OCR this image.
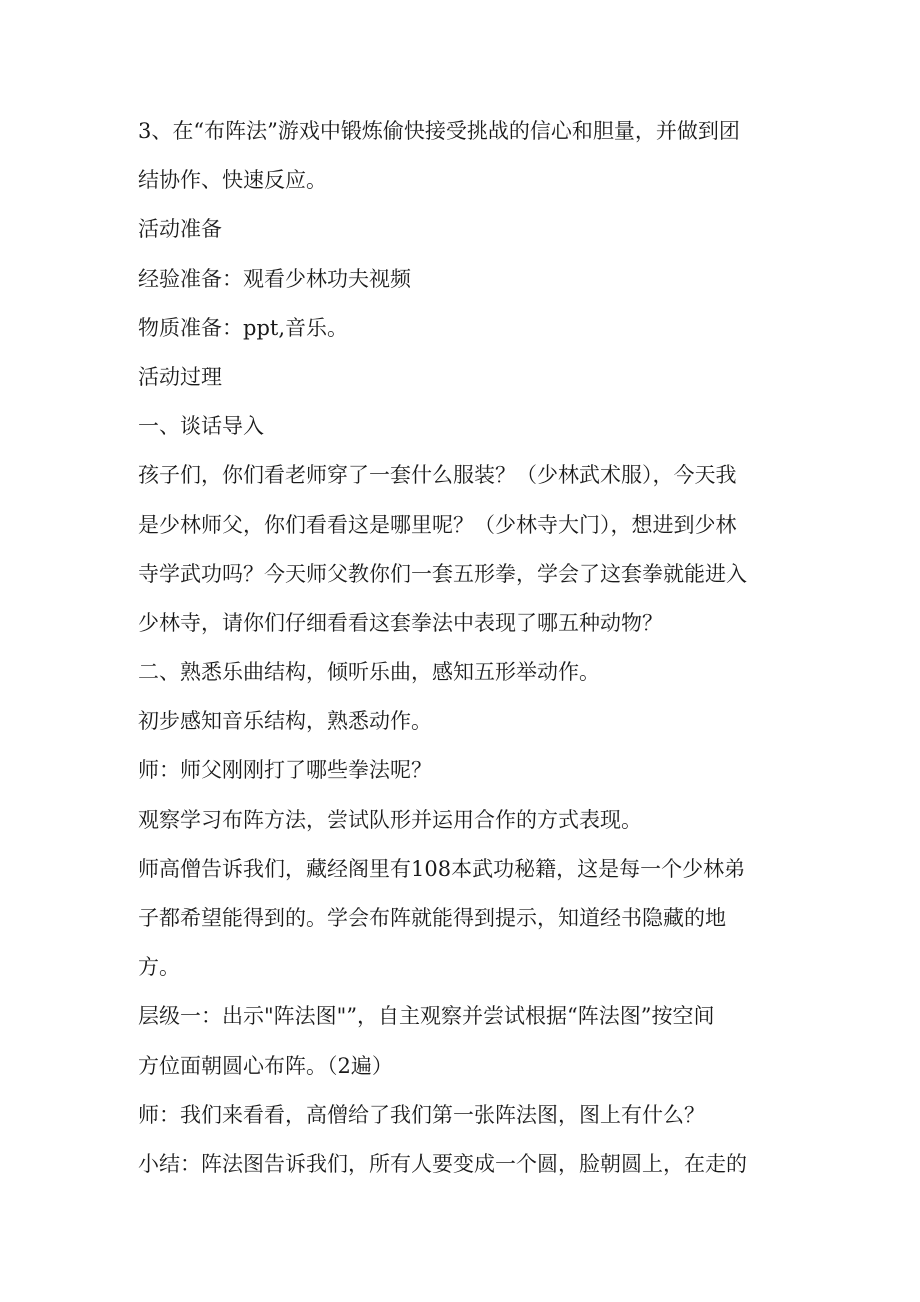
3、在“布阵法”游戏中锻炼偷快接受挑战的信心和胆量，并做到团
结协作、快速反应。
活动准备
经验准备：观看少林功夫视频
物质准备：ppt,音乐。
活动过理
一、谈话导入
孩子们，你们看老师穿了一套什么服装？（少林武术服），今天我
是少林师父，你们看看这是哪里呢？（少林寺大门），想进到少林
寺学武功吗？今天师父教你们一套五形拳，学会了这套拳就能进入
少林寺，请你们仔细看看这套拳法中表现了哪五种动物？
二、熟悉乐曲结构，倾听乐曲，感知五形举动作。
初步感知音乐结构，熟悉动作。
师：师父刚刚打了哪些拳法呢？
观察学习布阵方法，尝试队形并运用合作的方式表现。
师高僧告诉我们，藏经阁里有108本武功秘籍，这是每一个少林弟
子都希望能得到的。学会布阵就能得到提示，知道经书隐藏的地
方。
层级一：出示"阵法图"”，自主观察并尝试根据“阵法图”按空间
方位面朝圆心布阵。（2遍）
师：我们来看看，高僧给了我们第一张阵法图，图上有什么？
小结：阵法图告诉我们，所有人要变成一个圆，脸朝圆上，在走的
